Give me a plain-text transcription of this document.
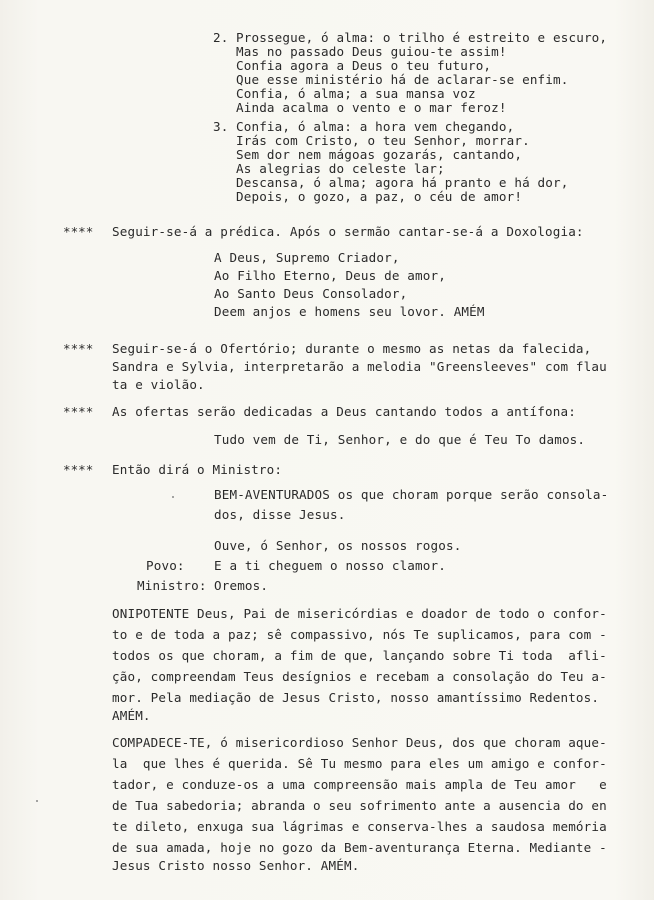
2. Prossegue, ó alma: o trilho é estreito e escuro,
Mas no passado Deus guiou-te assim!
Confia agora a Deus o teu futuro,
Que esse ministério há de aclarar-se enfim.
Confia, ó alma; a sua mansa voz
Ainda acalma o vento e o mar feroz!
3. Confia, ó alma: a hora vem chegando,
Irás com Cristo, o teu Senhor, morrar.
Sem dor nem mágoas gozarás, cantando,
As alegrias do celeste lar;
Descansa, ó alma; agora há pranto e há dor,
Depois, o gozo, a paz, o céu de amor!
**** Seguir-se-á a prédica. Após o sermão cantar-se-á a Doxologia:
A Deus, Supremo Criador,
Ao Filho Eterno, Deus de amor,
Ao Santo Deus Consolador,
Deem anjos e homens seu lovor. AMÉM
**** Seguir-se-á o Ofertório; durante o mesmo as netas da falecida,
Sandra e Sylvia, interpretarão a melodia "Greensleeves" com flau
ta e violão.
**** As ofertas serão dedicadas a Deus cantando todos a antífona:
Tudo vem de Ti, Senhor, e do que é Teu To damos.
**** Então dirá o Ministro:
BEM-AVENTURADOS os que choram porque serão consola-
dos, disse Jesus.
Ouve, ó Senhor, os nossos rogos.
Povo: E a ti cheguem o nosso clamor.
Ministro: Oremos.
ONIPOTENTE Deus, Pai de misericórdias e doador de todo o confor-
to e de toda a paz; sê compassivo, nós Te suplicamos, para com -
todos os que choram, a fim de que, lançando sobre Ti toda  afli-
ção, compreendam Teus desígnios e recebam a consolação do Teu a-
mor. Pela mediação de Jesus Cristo, nosso amantíssimo Redentos.
AMÉM.
COMPADECE-TE, ó misericordioso Senhor Deus, dos que choram aque-
la  que lhes é querida. Sê Tu mesmo para eles um amigo e confor-
tador, e conduze-os a uma compreensão mais ampla de Teu amor   e
de Tua sabedoria; abranda o seu sofrimento ante a ausencia do en
te dileto, enxuga sua lágrimas e conserva-lhes a saudosa memória
de sua amada, hoje no gozo da Bem-aventurança Eterna. Mediante -
Jesus Cristo nosso Senhor. AMÉM.
